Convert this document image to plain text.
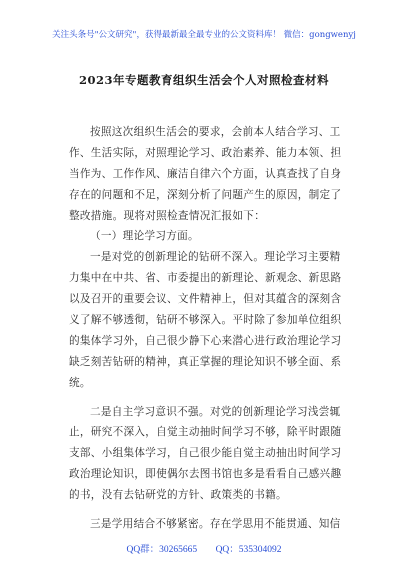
关注头条号"公文研究"，获得最新最全最专业的公文资料库！ 微信：gongwenyj
2023年专题教育组织生活会个人对照检查材料
按照这次组织生活会的要求，会前本人结合学习、工
作、生活实际，对照理论学习、政治素养、能力本领、担
当作为、工作作风、廉洁自律六个方面，认真查找了自身
存在的问题和不足，深刻分析了问题产生的原因，制定了
整改措施。现将对照检查情况汇报如下：
（一）理论学习方面。
一是对党的创新理论的钻研不深入。理论学习主要精
力集中在中共、省、市委提出的新理论、新观念、新思路
以及召开的重要会议、文件精神上，但对其蕴含的深刻含
义了解不够透彻，钻研不够深入。平时除了参加单位组织
的集体学习外，自己很少静下心来潜心进行政治理论学习
缺乏刻苦钻研的精神，真正掌握的理论知识不够全面、系
统。
二是自主学习意识不强。对党的创新理论学习浅尝辄
止，研究不深入，自觉主动抽时间学习不够，除平时跟随
支部、小组集体学习，自己很少能自觉主动抽出时间学习
政治理论知识，即使偶尔去图书馆也多是看看自己感兴趣
的书，没有去钻研党的方针、政策类的书籍。
三是学用结合不够紧密。存在学思用不能贯通、知信
QQ群：30265665 QQ：535304092
